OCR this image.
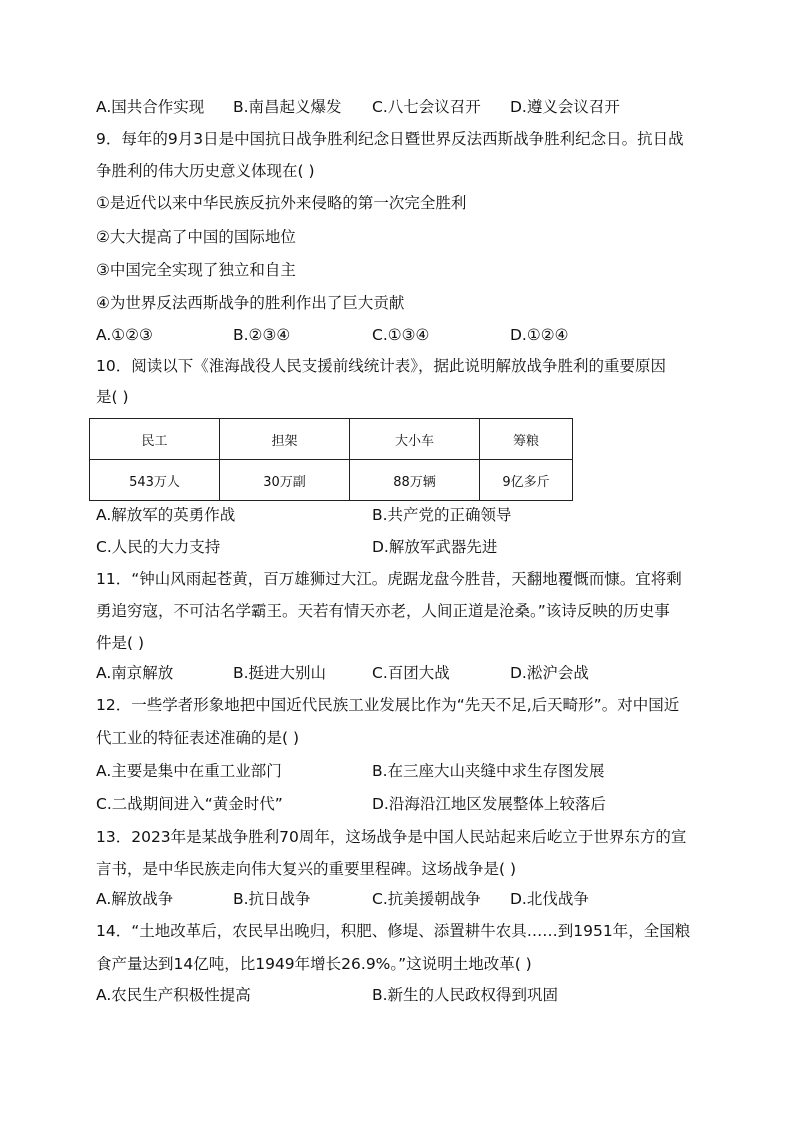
A.国共合作实现 B.南昌起义爆发 C.八七会议召开 D.遵义会议召开
9．每年的9月3日是中国抗日战争胜利纪念日暨世界反法西斯战争胜利纪念日。抗日战
争胜利的伟大历史意义体现在( )
①是近代以来中华民族反抗外来侵略的第一次完全胜利
②大大提高了中国的国际地位
③中国完全实现了独立和自主
④为世界反法西斯战争的胜利作出了巨大贡献
A.①②③	B.②③④	C.①③④	D.①②④
10．阅读以下《淮海战役人民支援前线统计表》，据此说明解放战争胜利的重要原因
是( )
民工	担架	大小车	筹粮
543万人	30万副	88万辆	9亿多斤
A.解放军的英勇作战	B.共产党的正确领导
C.人民的大力支持	D.解放军武器先进
11．“钟山风雨起苍黄，百万雄狮过大江。虎踞龙盘今胜昔，天翻地覆慨而慷。宜将剩
勇追穷寇，不可沽名学霸王。天若有情天亦老，人间正道是沧桑。”该诗反映的历史事
件是( )
A.南京解放	B.挺进大别山	C.百团大战	D.淞沪会战
12．一些学者形象地把中国近代民族工业发展比作为“先天不足,后天畸形”。对中国近
代工业的特征表述准确的是( )
A.主要是集中在重工业部门	B.在三座大山夹缝中求生存图发展
C.二战期间进入“黄金时代”	D.沿海沿江地区发展整体上较落后
13．2023年是某战争胜利70周年，这场战争是中国人民站起来后屹立于世界东方的宣
言书，是中华民族走向伟大复兴的重要里程碑。这场战争是( )
A.解放战争	B.抗日战争	C.抗美援朝战争 D.北伐战争
14．“土地改革后，农民早出晚归，积肥、修堤、添置耕牛农具……到1951年，全国粮
食产量达到14亿吨，比1949年增长26.9%。”这说明土地改革( )
A.农民生产积极性提高	B.新生的人民政权得到巩固
